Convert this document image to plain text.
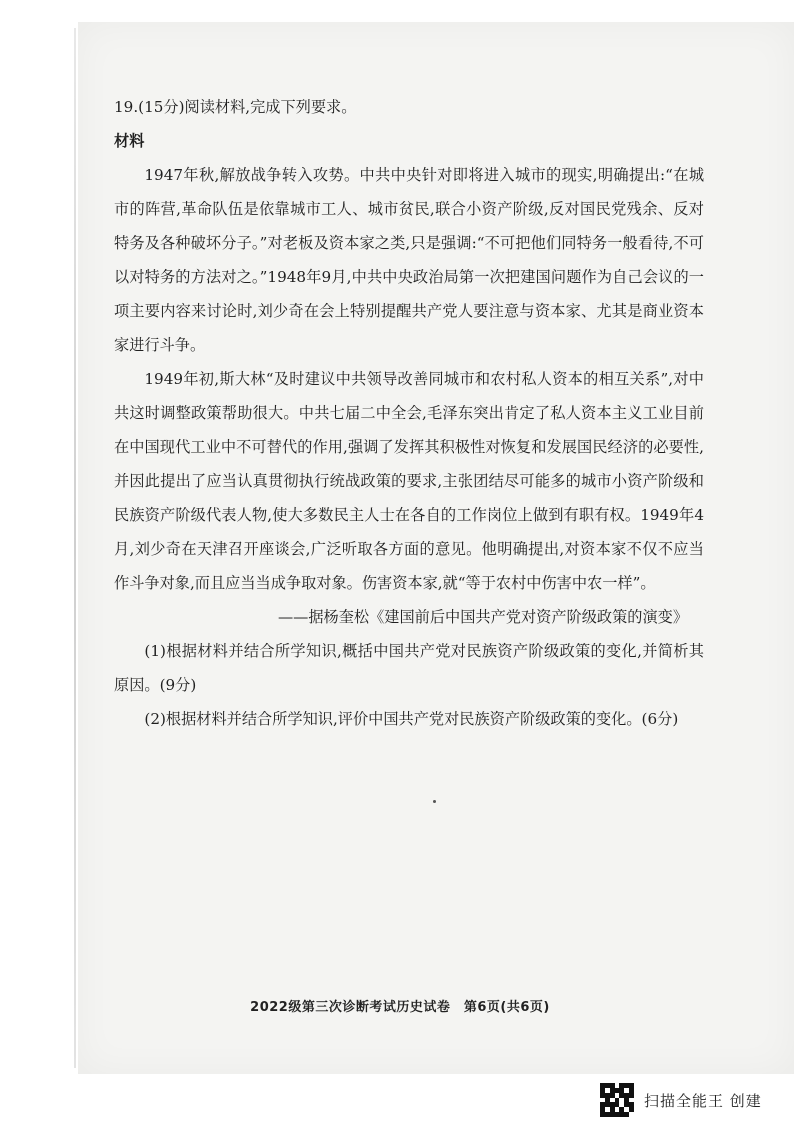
19.(15分)阅读材料,完成下列要求。

材料

1947年秋,解放战争转入攻势。中共中央针对即将进入城市的现实,明确提出:“在城市的阵营,革命队伍是依靠城市工人、城市贫民,联合小资产阶级,反对国民党残余、反对特务及各种破坏分子。”对老板及资本家之类,只是强调:“不可把他们同特务一般看待,不可以对特务的方法对之。”1948年9月,中共中央政治局第一次把建国问题作为自己会议的一项主要内容来讨论时,刘少奇在会上特别提醒共产党人要注意与资本家、尤其是商业资本家进行斗争。

1949年初,斯大林“及时建议中共领导改善同城市和农村私人资本的相互关系”,对中共这时调整政策帮助很大。中共七届二中全会,毛泽东突出肯定了私人资本主义工业目前在中国现代工业中不可替代的作用,强调了发挥其积极性对恢复和发展国民经济的必要性,并因此提出了应当认真贯彻执行统战政策的要求,主张团结尽可能多的城市小资产阶级和民族资产阶级代表人物,使大多数民主人士在各自的工作岗位上做到有职有权。1949年4月,刘少奇在天津召开座谈会,广泛听取各方面的意见。他明确提出,对资本家不仅不应当作斗争对象,而且应当当成争取对象。伤害资本家,就“等于农村中伤害中农一样”。

——据杨奎松《建国前后中国共产党对资产阶级政策的演变》

(1)根据材料并结合所学知识,概括中国共产党对民族资产阶级政策的变化,并简析其原因。(9分)

(2)根据材料并结合所学知识,评价中国共产党对民族资产阶级政策的变化。(6分)

2022级第三次诊断考试历史试卷　第6页(共6页)
扫描全能王 创建
